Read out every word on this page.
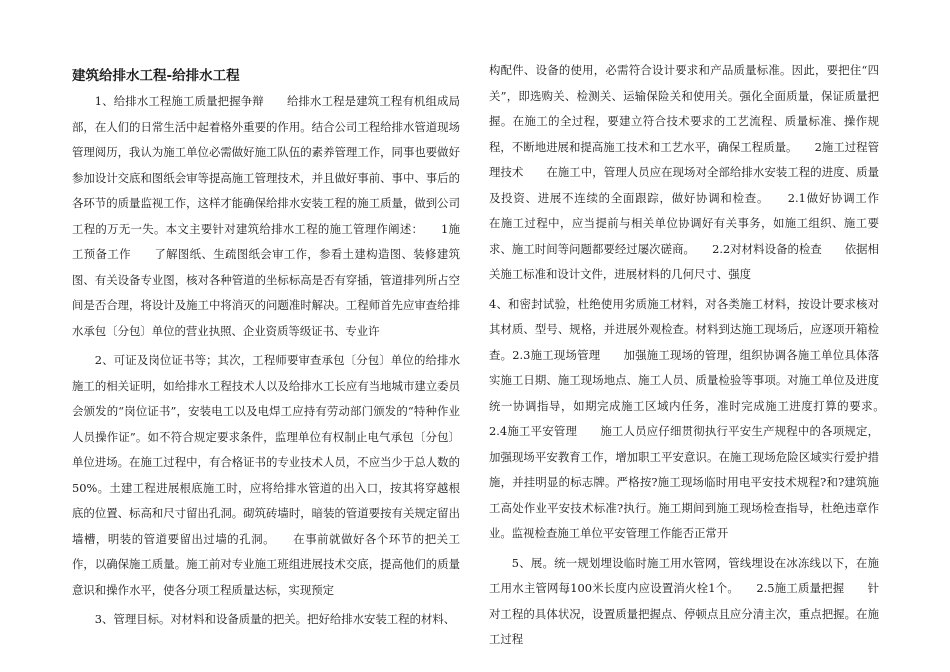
建筑给排水工程-给排水工程

1、给排水工程施工质量把握争辩　　给排水工程是建筑工程有机组成局部，在人们的日常生活中起着格外重要的作用。结合公司工程给排水管道现场管理阅历，我认为施工单位必需做好施工队伍的素养管理工作，同事也要做好参加设计交底和图纸会审等提高施工管理技术，并且做好事前、事中、事后的各环节的质量监视工作，这样才能确保给排水安装工程的施工质量，做到公司工程的万无一失。本文主要针对建筑给排水工程的施工管理作阐述：　　1施工预备工作　　了解图纸、生疏图纸会审工作，参看土建构造图、装修建筑图、有关设备专业图，核对各种管道的坐标标高是否有穿插，管道排列所占空间是否合理，将设计及施工中将消灭的问题准时解决。工程师首先应审查给排水承包〔分包〕单位的营业执照、企业资质等级证书、专业许

2、可证及岗位证书等；其次，工程师要审查承包〔分包〕单位的给排水施工的相关证明，如给排水工程技术人以及给排水工长应有当地城市建立委员会颁发的“岗位证书”，安装电工以及电焊工应持有劳动部门颁发的“特种作业人员操作证”。如不符合规定要求条件，监理单位有权制止电气承包〔分包〕单位进场。在施工过程中，有合格证书的专业技术人员，不应当少于总人数的50%。土建工程进展根底施工时，应将给排水管道的出入口，按其将穿越根底的位置、标高和尺寸留出孔洞。砌筑砖墙时，暗装的管道要按有关规定留出墙槽，明装的管道要留出过墙的孔洞。　　在事前就做好各个环节的把关工作，以确保施工质量。施工前对专业施工班组进展技术交底，提高他们的质量意识和操作水平，使各分项工程质量达标，实现预定

3、管理目标。对材料和设备质量的把关。把好给排水安装工程的材料、

构配件、设备的使用，必需符合设计要求和产品质量标准。因此，要把住“四关”，即选购关、检测关、运输保险关和使用关。强化全面质量，保证质量把握。在施工的全过程，要建立符合技术要求的工艺流程、质量标准、操作规程，不断地进展和提高施工技术和工艺水平，确保工程质量。　　2施工过程管理技术　　在施工中，管理人员应在现场对全部给排水安装工程的进度、质量及投资、进展不连续的全面跟踪，做好协调和检查。　　2.1做好协调工作　　在施工过程中，应当提前与相关单位协调好有关事务，如施工组织、施工要求、施工时间等问题都要经过屡次磋商。　　2.2对材料设备的检查　　依据相关施工标准和设计文件，进展材料的几何尺寸、强度

4、和密封试验，杜绝使用劣质施工材料，对各类施工材料，按设计要求核对其材质、型号、规格，并进展外观检查。材料到达施工现场后，应逐项开箱检查。2.3施工现场管理　　加强施工现场的管理，组织协调各施工单位具体落实施工日期、施工现场地点、施工人员、质量检验等事项。对施工单位及进度统一协调指导，如期完成施工区域内任务，准时完成施工进度打算的要求。　　2.4施工平安管理　　施工人员应仔细贯彻执行平安生产规程中的各项规定，加强现场平安教育工作，增加职工平安意识。在施工现场危险区域实行爱护措施，并挂明显的标志牌。严格按?施工现场临时用电平安技术规程?和?建筑施工高处作业平安技术标准?执行。施工期间到施工现场检查指导，杜绝违章作业。监视检查施工单位平安管理工作能否正常开

5、展。统一规划埋设临时施工用水管网，管线埋设在冰冻线以下，在施工用水主管网每100米长度内应设置消火栓1个。　　2.5施工质量把握　　针对工程的具体状况，设置质量把握点、停顿点且应分清主次，重点把握。在施工过程
